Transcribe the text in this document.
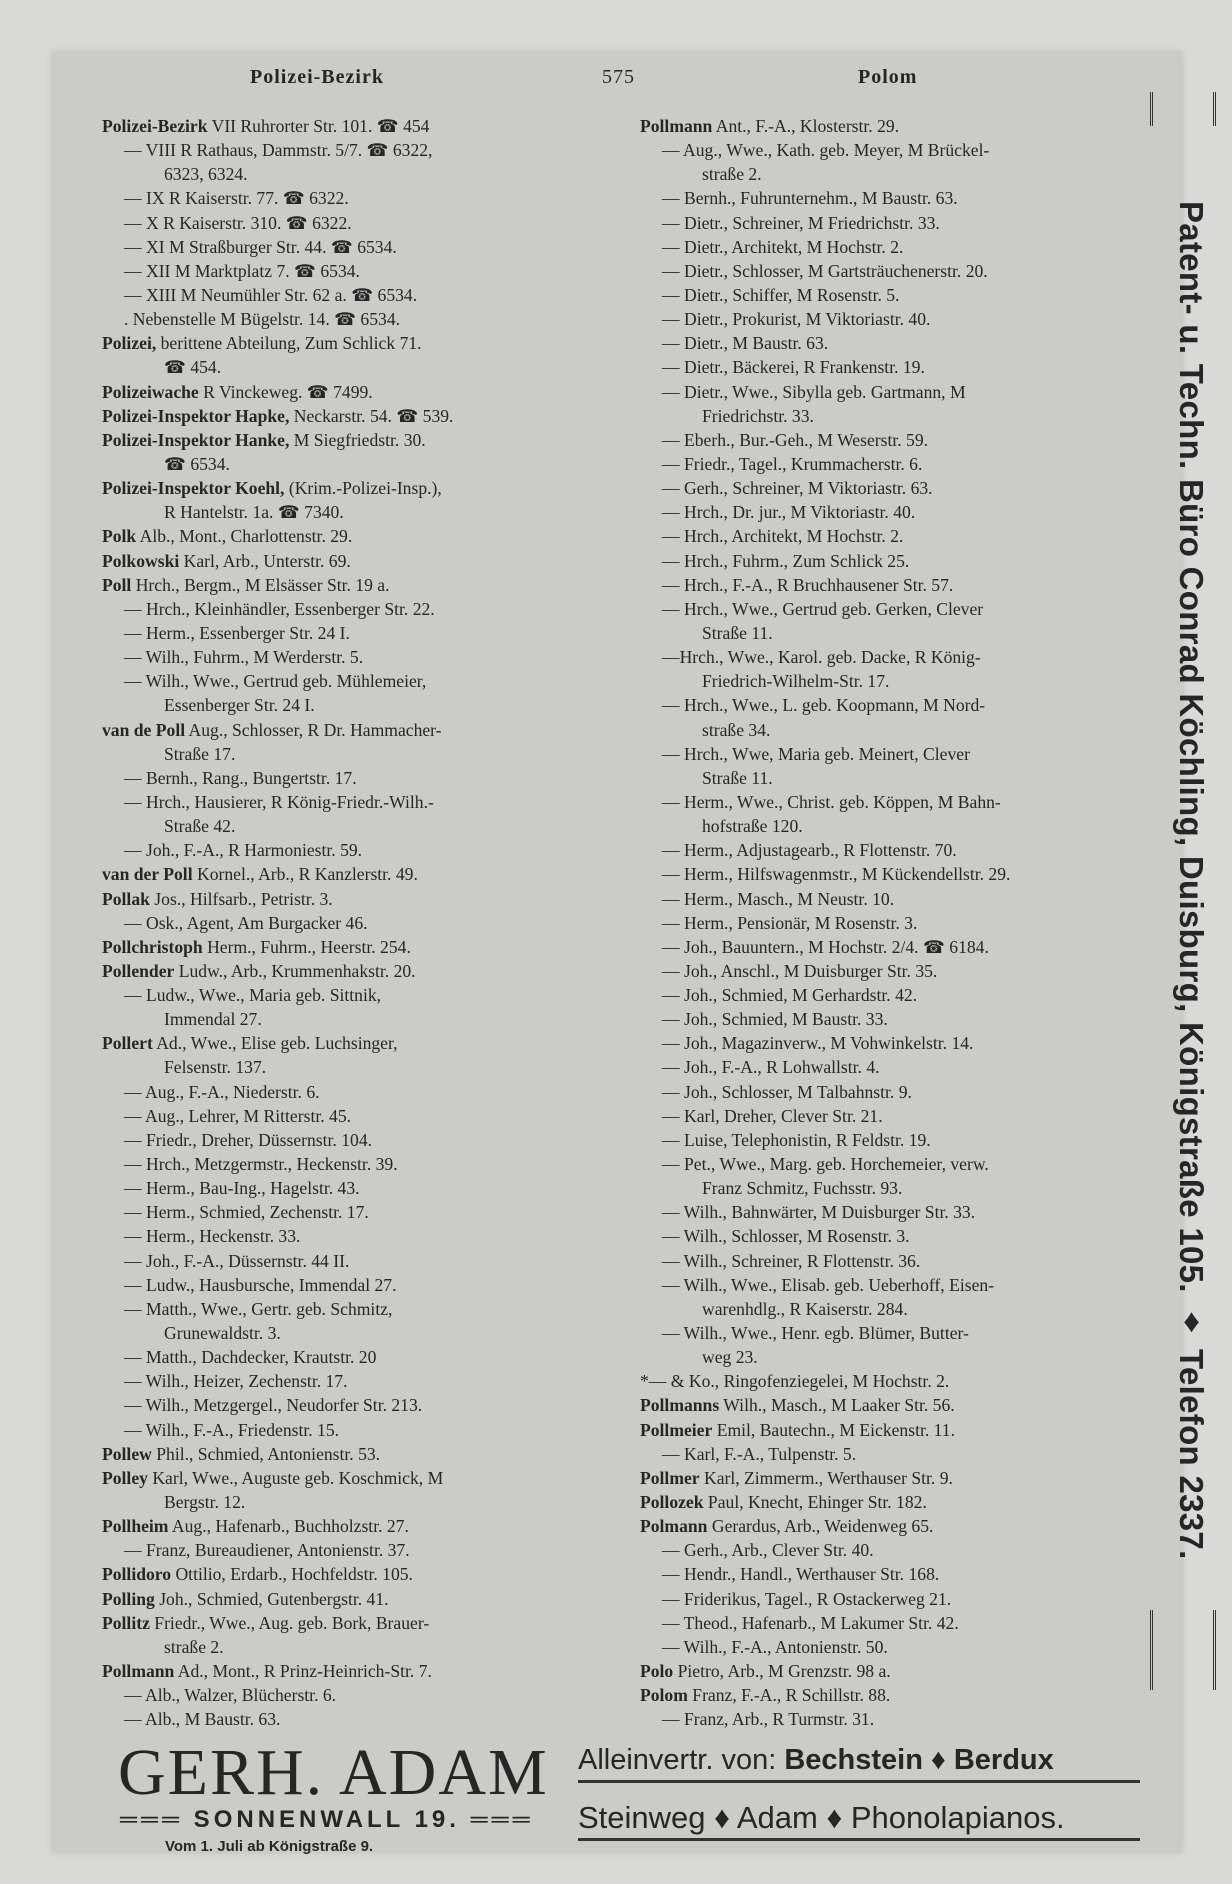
Polizei-Bezirk	575	Polom
Polizei-Bezirk VII Ruhrorter Str. 101. ☎ 454
— VIII R Rathaus, Dammstr. 5/7. ☎ 6322,
6323, 6324.
— IX R Kaiserstr. 77. ☎ 6322.
— X R Kaiserstr. 310. ☎ 6322.
— XI M Straßburger Str. 44. ☎ 6534.
— XII M Marktplatz 7. ☎ 6534.
— XIII M Neumühler Str. 62 a. ☎ 6534.
. Nebenstelle M Bügelstr. 14. ☎ 6534.
Polizei, berittene Abteilung, Zum Schlick 71.
☎ 454.
Polizeiwache R Vinckeweg. ☎ 7499.
Polizei-Inspektor Hapke, Neckarstr. 54. ☎ 539.
Polizei-Inspektor Hanke, M Siegfriedstr. 30.
☎ 6534.
Polizei-Inspektor Koehl, (Krim.-Polizei-Insp.),
R Hantelstr. 1a. ☎ 7340.
Polk Alb., Mont., Charlottenstr. 29.
Polkowski Karl, Arb., Unterstr. 69.
Poll Hrch., Bergm., M Elsässer Str. 19 a.
— Hrch., Kleinhändler, Essenberger Str. 22.
— Herm., Essenberger Str. 24 I.
— Wilh., Fuhrm., M Werderstr. 5.
— Wilh., Wwe., Gertrud geb. Mühlemeier,
Essenberger Str. 24 I.
van de Poll Aug., Schlosser, R Dr. Hammacher-
Straße 17.
— Bernh., Rang., Bungertstr. 17.
— Hrch., Hausierer, R König-Friedr.-Wilh.-
Straße 42.
— Joh., F.-A., R Harmoniestr. 59.
van der Poll Kornel., Arb., R Kanzlerstr. 49.
Pollak Jos., Hilfsarb., Petristr. 3.
— Osk., Agent, Am Burgacker 46.
Pollchristoph Herm., Fuhrm., Heerstr. 254.
Pollender Ludw., Arb., Krummenhakstr. 20.
— Ludw., Wwe., Maria geb. Sittnik,
Immendal 27.
Pollert Ad., Wwe., Elise geb. Luchsinger,
Felsenstr. 137.
— Aug., F.-A., Niederstr. 6.
— Aug., Lehrer, M Ritterstr. 45.
— Friedr., Dreher, Düssernstr. 104.
— Hrch., Metzgermstr., Heckenstr. 39.
— Herm., Bau-Ing., Hagelstr. 43.
— Herm., Schmied, Zechenstr. 17.
— Herm., Heckenstr. 33.
— Joh., F.-A., Düssernstr. 44 II.
— Ludw., Hausbursche, Immendal 27.
— Matth., Wwe., Gertr. geb. Schmitz,
Grunewaldstr. 3.
— Matth., Dachdecker, Krautstr. 20
— Wilh., Heizer, Zechenstr. 17.
— Wilh., Metzgergel., Neudorfer Str. 213.
— Wilh., F.-A., Friedenstr. 15.
Pollew Phil., Schmied, Antonienstr. 53.
Polley Karl, Wwe., Auguste geb. Koschmick, M
Bergstr. 12.
Pollheim Aug., Hafenarb., Buchholzstr. 27.
— Franz, Bureaudiener, Antonienstr. 37.
Pollidoro Ottilio, Erdarb., Hochfeldstr. 105.
Polling Joh., Schmied, Gutenbergstr. 41.
Pollitz Friedr., Wwe., Aug. geb. Bork, Brauer-
straße 2.
Pollmann Ad., Mont., R Prinz-Heinrich-Str. 7.
— Alb., Walzer, Blücherstr. 6.
— Alb., M Baustr. 63.
Pollmann Ant., F.-A., Klosterstr. 29.
— Aug., Wwe., Kath. geb. Meyer, M Brückel-
straße 2.
— Bernh., Fuhrunternehm., M Baustr. 63.
— Dietr., Schreiner, M Friedrichstr. 33.
— Dietr., Architekt, M Hochstr. 2.
— Dietr., Schlosser, M Gartsträuchenerstr. 20.
— Dietr., Schiffer, M Rosenstr. 5.
— Dietr., Prokurist, M Viktoriastr. 40.
— Dietr., M Baustr. 63.
— Dietr., Bäckerei, R Frankenstr. 19.
— Dietr., Wwe., Sibylla geb. Gartmann, M
Friedrichstr. 33.
— Eberh., Bur.-Geh., M Weserstr. 59.
— Friedr., Tagel., Krummacherstr. 6.
— Gerh., Schreiner, M Viktoriastr. 63.
— Hrch., Dr. jur., M Viktoriastr. 40.
— Hrch., Architekt, M Hochstr. 2.
— Hrch., Fuhrm., Zum Schlick 25.
— Hrch., F.-A., R Bruchhausener Str. 57.
— Hrch., Wwe., Gertrud geb. Gerken, Clever
Straße 11.
—Hrch., Wwe., Karol. geb. Dacke, R König-
Friedrich-Wilhelm-Str. 17.
— Hrch., Wwe., L. geb. Koopmann, M Nord-
straße 34.
— Hrch., Wwe, Maria geb. Meinert, Clever
Straße 11.
— Herm., Wwe., Christ. geb. Köppen, M Bahn-
hofstraße 120.
— Herm., Adjustagearb., R Flottenstr. 70.
— Herm., Hilfswagenmstr., M Kückendellstr. 29.
— Herm., Masch., M Neustr. 10.
— Herm., Pensionär, M Rosenstr. 3.
— Joh., Bauuntern., M Hochstr. 2/4. ☎ 6184.
— Joh., Anschl., M Duisburger Str. 35.
— Joh., Schmied, M Gerhardstr. 42.
— Joh., Schmied, M Baustr. 33.
— Joh., Magazinverw., M Vohwinkelstr. 14.
— Joh., F.-A., R Lohwallstr. 4.
— Joh., Schlosser, M Talbahnstr. 9.
— Karl, Dreher, Clever Str. 21.
— Luise, Telephonistin, R Feldstr. 19.
— Pet., Wwe., Marg. geb. Horchemeier, verw.
Franz Schmitz, Fuchsstr. 93.
— Wilh., Bahnwärter, M Duisburger Str. 33.
— Wilh., Schlosser, M Rosenstr. 3.
— Wilh., Schreiner, R Flottenstr. 36.
— Wilh., Wwe., Elisab. geb. Ueberhoff, Eisen-
warenhdlg., R Kaiserstr. 284.
— Wilh., Wwe., Henr. egb. Blümer, Butter-
weg 23.
*— & Ko., Ringofenziegelei, M Hochstr. 2.
Pollmanns Wilh., Masch., M Laaker Str. 56.
Pollmeier Emil, Bautechn., M Eickenstr. 11.
— Karl, F.-A., Tulpenstr. 5.
Pollmer Karl, Zimmerm., Werthauser Str. 9.
Pollozek Paul, Knecht, Ehinger Str. 182.
Polmann Gerardus, Arb., Weidenweg 65.
— Gerh., Arb., Clever Str. 40.
— Hendr., Handl., Werthauser Str. 168.
— Friderikus, Tagel., R Ostackerweg 21.
— Theod., Hafenarb., M Lakumer Str. 42.
— Wilh., F.-A., Antonienstr. 50.
Polo Pietro, Arb., M Grenzstr. 98 a.
Polom Franz, F.-A., R Schillstr. 88.
— Franz, Arb., R Turmstr. 31.
Patent- u. Techn. Büro Conrad Köchling, Duisburg, Königstraße 105. ♦ Telefon 2337.
GERH. ADAM
═══ SONNENWALL 19. ═══
Vom 1. Juli ab Königstraße 9.
Alleinvertr. von: Bechstein ♦ Berdux
Steinweg ♦ Adam ♦ Phonolapianos.
